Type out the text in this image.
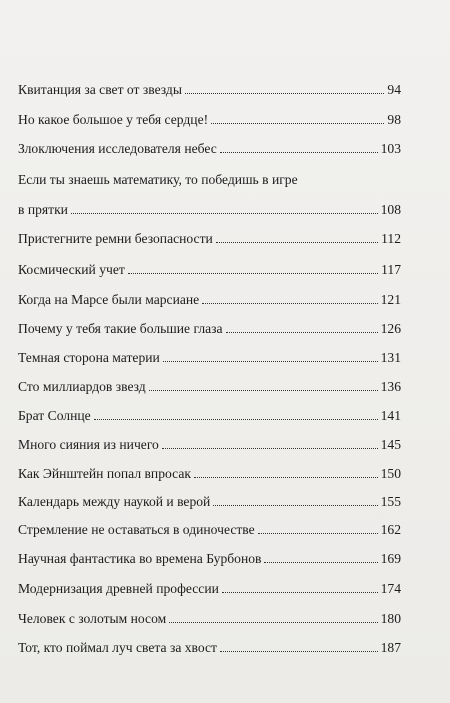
Квитанция за свет от звезды	94
Но какое большое у тебя сердце!	98
Злоключения исследователя небес	103
Если ты знаешь математику, то победишь в игре
в прятки	108
Пристегните ремни безопасности	112
Космический учет	117
Когда на Марсе были марсиане	121
Почему у тебя такие большие глаза	126
Темная сторона материи	131
Сто миллиардов звезд	136
Брат Солнце	141
Много сияния из ничего	145
Как Эйнштейн попал впросак	150
Календарь между наукой и верой	155
Стремление не оставаться в одиночестве	162
Научная фантастика во времена Бурбонов	169
Модернизация древней профессии	174
Человек с золотым носом	180
Тот, кто поймал луч света за хвост	187
